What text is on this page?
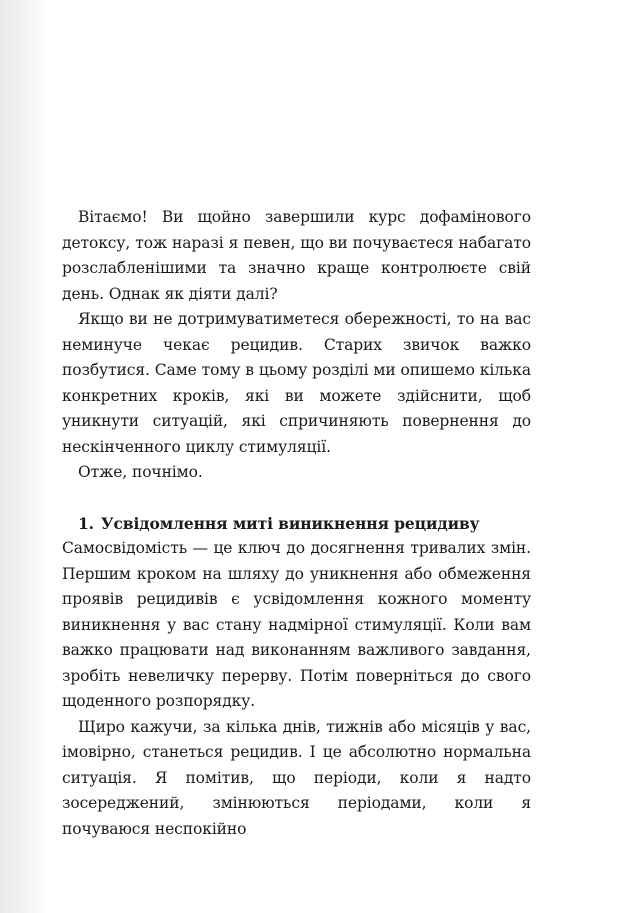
Вітаємо! Ви щойно завершили курс дофамінового детоксу, тож наразі я певен, що ви почуваєтеся набагато розслабленішими та значно краще контролюєте свій день. Однак як діяти далі?

Якщо ви не дотримуватиметеся обережності, то на вас неминуче чекає рецидив. Старих звичок важко позбутися. Саме тому в цьому розділі ми опишемо кілька конкретних кроків, які ви можете здійснити, щоб уникнути ситуацій, які спричиняють повернення до нескінченного циклу стимуляції.

Отже, почнімо.

1. Усвідомлення миті виникнення рецидиву

Самосвідомість — це ключ до досягнення тривалих змін. Першим кроком на шляху до уникнення або обмеження проявів рецидивів є усвідомлення кожного моменту виникнення у вас стану надмірної стимуляції. Коли вам важко працювати над виконанням важливого завдання, зробіть невеличку перерву. Потім поверніться до свого щоденного розпорядку.

Щиро кажучи, за кілька днів, тижнів або місяців у вас, імовірно, станеться рецидив. І це абсолютно нормальна ситуація. Я помітив, що періоди, коли я надто зосереджений, змінюються періодами, коли я почуваюся неспокійно
